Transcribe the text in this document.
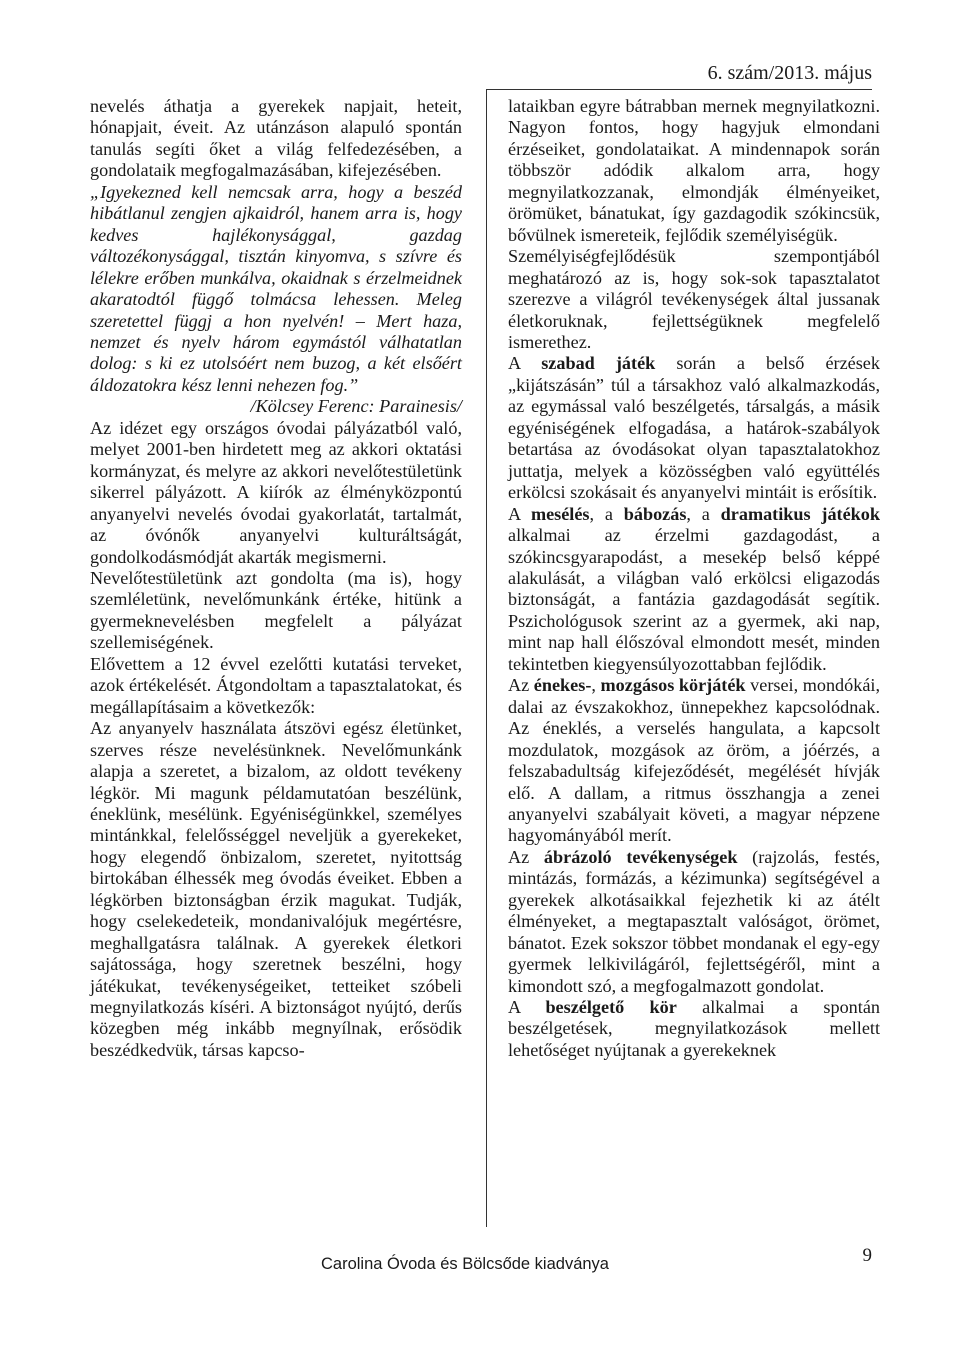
6. szám/2013. május

nevelés áthatja a gyerekek napjait, heteit, hónapjait, éveit. Az utánzáson alapuló spontán tanulás segíti őket a világ felfedezésében, a gondolataik megfogalmazásában, kifejezésében.

„Igyekezned kell nemcsak arra, hogy a beszéd hibátlanul zengjen ajkaidról, hanem arra is, hogy kedves hajlékonysággal, gazdag változékonysággal, tisztán kinyomva, s szívre és lélekre erőben munkálva, okaidnak s érzelmeidnek akaratodtól függő tolmácsa lehessen. Meleg szeretettel függj a hon nyelvén! – Mert haza, nemzet és nyelv három egymástól válhatatlan dolog: s ki ez utolsóért nem buzog, a két elsőért áldozatokra kész lenni nehezen fog.”

/Kölcsey Ferenc: Parainesis/

Az idézet egy országos óvodai pályázatból való, melyet 2001-ben hirdetett meg az akkori oktatási kormányzat, és melyre az akkori nevelőtestületünk sikerrel pályázott. A kiírók az élményközpontú anyanyelvi nevelés óvodai gyakorlatát, tartalmát, az óvónők anyanyelvi kulturáltságát, gondolkodásmódját akarták megismerni.

Nevelőtestületünk azt gondolta (ma is), hogy szemléletünk, nevelőmunkánk értéke, hitünk a gyermeknevelésben megfelelt a pályázat szellemiségének.

Elővettem a 12 évvel ezelőtti kutatási terveket, azok értékelését. Átgondoltam a tapasztalatokat, és megállapításaim a következők:

Az anyanyelv használata átszövi egész életünket, szerves része nevelésünknek. Nevelőmunkánk alapja a szeretet, a bizalom, az oldott tevékeny légkör. Mi magunk példamutatóan beszélünk, éneklünk, mesélünk. Egyéniségünkkel, személyes mintánkkal, felelősséggel neveljük a gyerekeket, hogy elegendő önbizalom, szeretet, nyitottság birtokában élhessék meg óvodás éveiket. Ebben a légkörben biztonságban érzik magukat. Tudják, hogy cselekedeteik, mondanivalójuk megértésre, meghallgatásra találnak. A gyerekek életkori sajátossága, hogy szeretnek beszélni, hogy játékukat, tevékenységeiket, tetteiket szóbeli megnyilatkozás kíséri. A biztonságot nyújtó, derűs közegben még inkább megnyílnak, erősödik beszédkedvük, társas kapcso-

lataikban egyre bátrabban mernek megnyilatkozni. Nagyon fontos, hogy hagyjuk elmondani érzéseiket, gondolataikat. A mindennapok során többször adódik alkalom arra, hogy megnyilatkozzanak, elmondják élményeiket, örömüket, bánatukat, így gazdagodik szókincsük, bővülnek ismereteik, fejlődik személyiségük.

Személyiségfejlődésük szempontjából meghatározó az is, hogy sok-sok tapasztalatot szerezve a világról tevékenységek által jussanak életkoruknak, fejlettségüknek megfelelő ismerethez.

A szabad játék során a belső érzések „kijátszásán” túl a társakhoz való alkalmazkodás, az egymással való beszélgetés, társalgás, a másik egyéniségének elfogadása, a határok-szabályok betartása az óvodásokat olyan tapasztalatokhoz juttatja, melyek a közösségben való együttélés erkölcsi szokásait és anyanyelvi mintáit is erősítik.

A mesélés, a bábozás, a dramatikus játékok alkalmai az érzelmi gazdagodást, a szókincsgyarapodást, a mesekép belső képpé alakulását, a világban való erkölcsi eligazodás biztonságát, a fantázia gazdagodását segítik. Pszichológusok szerint az a gyermek, aki nap, mint nap hall élőszóval elmondott mesét, minden tekintetben kiegyensúlyozottabban fejlődik.

Az énekes-, mozgásos körjáték versei, mondókái, dalai az évszakokhoz, ünnepekhez kapcsolódnak. Az éneklés, a verselés hangulata, a kapcsolt mozdulatok, mozgások az öröm, a jóérzés, a felszabadultság kifejeződését, megélését hívják elő. A dallam, a ritmus összhangja a zenei anyanyelvi szabályait követi, a magyar népzene hagyományából merít.

Az ábrázoló tevékenységek (rajzolás, festés, mintázás, formázás, a kézimunka) segítségével a gyerekek alkotásaikkal fejezhetik ki az átélt élményeket, a megtapasztalt valóságot, örömet, bánatot. Ezek sokszor többet mondanak el egy-egy gyermek lelkivilágáról, fejlettségéről, mint a kimondott szó, a megfogalmazott gondolat.

A beszélgető kör alkalmai a spontán beszélgetések, megnyilatkozások mellett lehetőséget nyújtanak a gyerekeknek

Carolina Óvoda és Bölcsőde kiadványa	9
